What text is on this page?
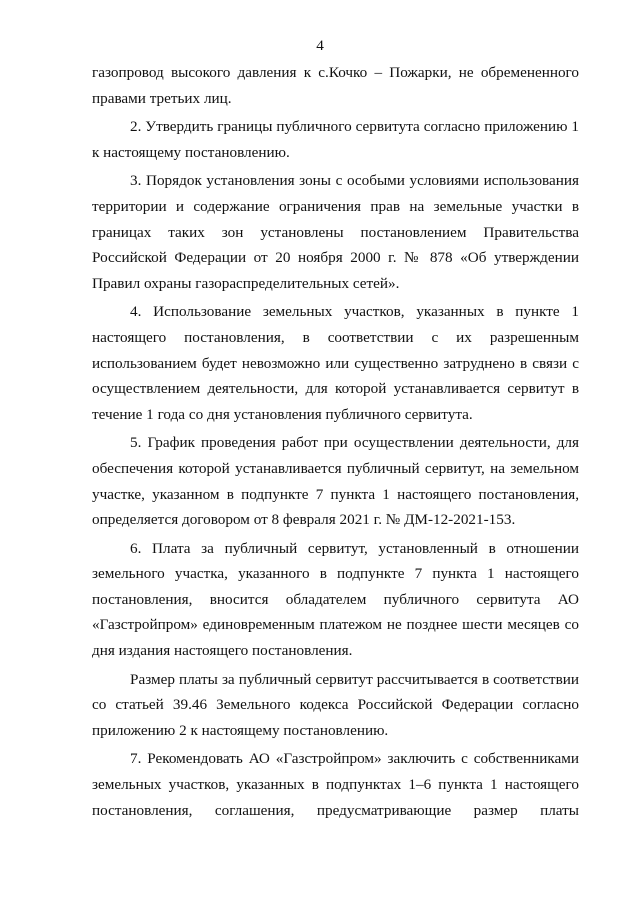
4

газопровод высокого давления к с.Кочко – Пожарки, не обремененного правами третьих лиц.

2. Утвердить границы публичного сервитута согласно приложению 1 к настоящему постановлению.

3. Порядок установления зоны с особыми условиями использования территории и содержание ограничения прав на земельные участки в границах таких зон установлены постановлением Правительства Российской Федерации от 20 ноября 2000 г. № 878 «Об утверждении Правил охраны газораспределительных сетей».

4. Использование земельных участков, указанных в пункте 1 настоящего постановления, в соответствии с их разрешенным использованием будет невозможно или существенно затруднено в связи с осуществлением деятельности, для которой устанавливается сервитут в течение 1 года со дня установления публичного сервитута.

5. График проведения работ при осуществлении деятельности, для обеспечения которой устанавливается публичный сервитут, на земельном участке, указанном в подпункте 7 пункта 1 настоящего постановления, определяется договором от 8 февраля 2021 г. № ДМ-12-2021-153.

6. Плата за публичный сервитут, установленный в отношении земельного участка, указанного в подпункте 7 пункта 1 настоящего постановления, вносится обладателем публичного сервитута АО «Газстройпром» единовременным платежом не позднее шести месяцев со дня издания настоящего постановления.

Размер платы за публичный сервитут рассчитывается в соответствии со статьей 39.46 Земельного кодекса Российской Федерации согласно приложению 2 к настоящему постановлению.

7. Рекомендовать АО «Газстройпром» заключить с собственниками земельных участков, указанных в подпунктах 1–6 пункта 1 настоящего постановления, соглашения, предусматривающие размер платы
